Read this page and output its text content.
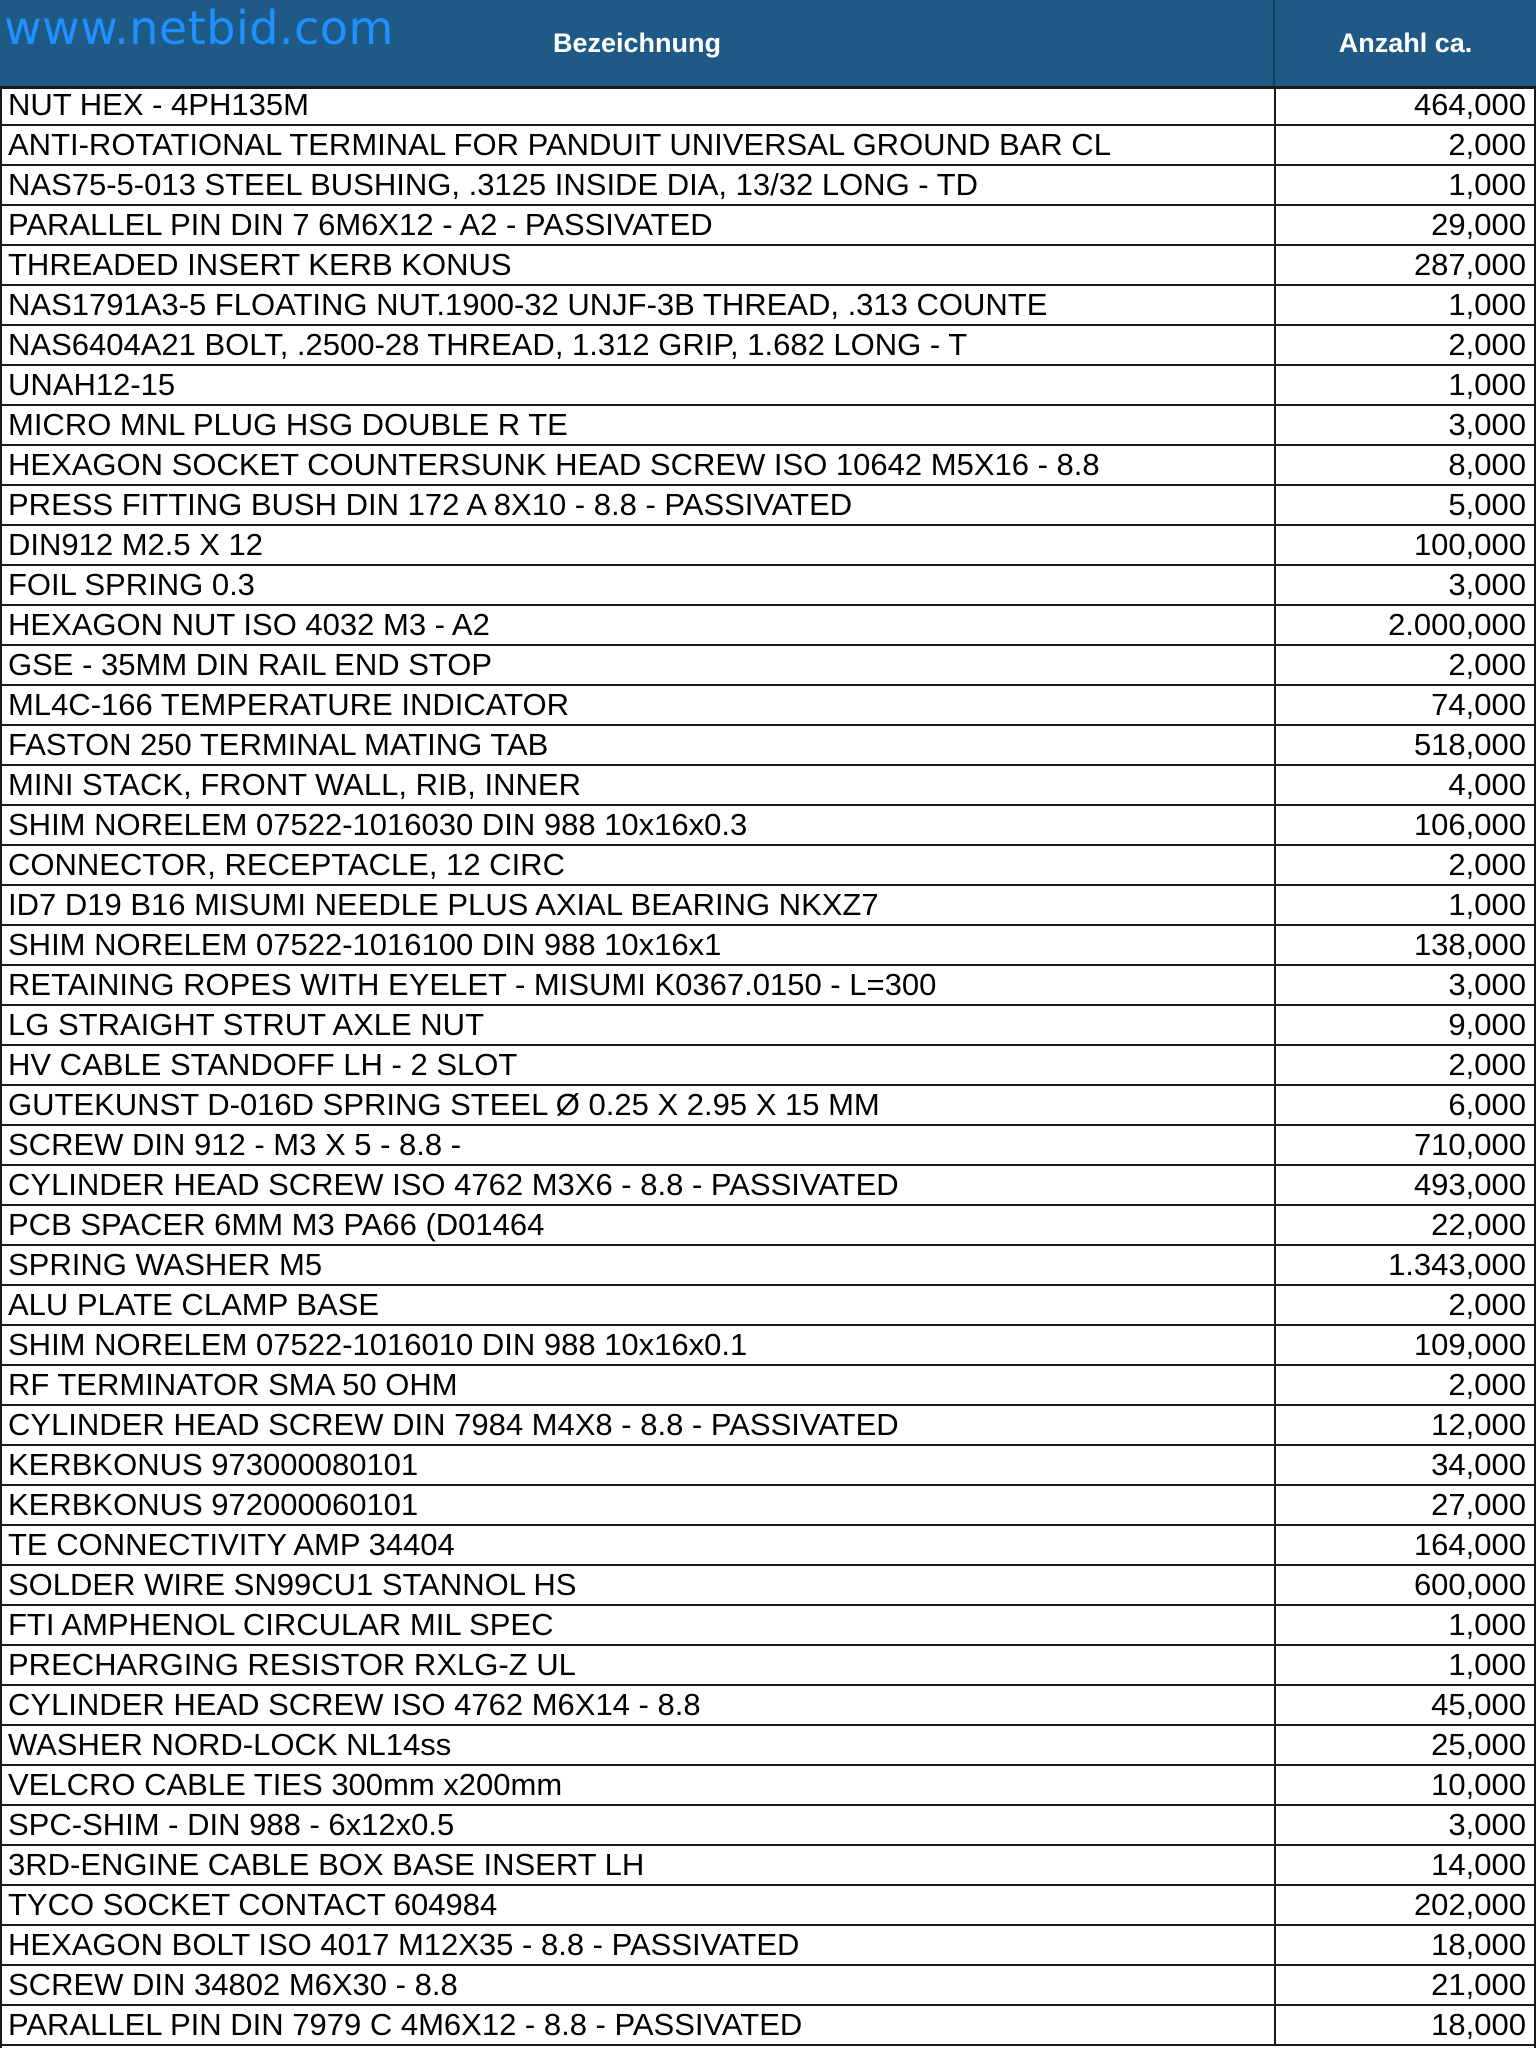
Bezeichnung	Anzahl ca.
www.netbid.com
NUT HEX - 4PH135M	464,000
ANTI-ROTATIONAL TERMINAL FOR PANDUIT UNIVERSAL GROUND BAR CL	2,000
NAS75-5-013 STEEL BUSHING, .3125 INSIDE DIA, 13/32 LONG - TD	1,000
PARALLEL PIN DIN 7 6M6X12 - A2 - PASSIVATED	29,000
THREADED INSERT KERB KONUS	287,000
NAS1791A3-5 FLOATING NUT.1900-32 UNJF-3B THREAD, .313 COUNTE	1,000
NAS6404A21 BOLT, .2500-28 THREAD, 1.312 GRIP, 1.682 LONG - T	2,000
UNAH12-15	1,000
MICRO MNL PLUG HSG DOUBLE R TE	3,000
HEXAGON SOCKET COUNTERSUNK HEAD SCREW ISO 10642 M5X16 - 8.8	8,000
PRESS FITTING BUSH DIN 172 A 8X10 - 8.8 - PASSIVATED	5,000
DIN912 M2.5 X 12	100,000
FOIL SPRING 0.3	3,000
HEXAGON NUT ISO 4032 M3 - A2	2.000,000
GSE - 35MM DIN RAIL END STOP	2,000
ML4C-166 TEMPERATURE INDICATOR	74,000
FASTON 250 TERMINAL MATING TAB	518,000
MINI STACK, FRONT WALL, RIB, INNER	4,000
SHIM NORELEM 07522-1016030 DIN 988 10x16x0.3	106,000
CONNECTOR, RECEPTACLE, 12 CIRC	2,000
ID7 D19 B16 MISUMI NEEDLE PLUS AXIAL BEARING NKXZ7	1,000
SHIM NORELEM 07522-1016100 DIN 988 10x16x1	138,000
RETAINING ROPES WITH EYELET - MISUMI K0367.0150 - L=300	3,000
LG STRAIGHT STRUT AXLE NUT	9,000
HV CABLE STANDOFF LH - 2 SLOT	2,000
GUTEKUNST D-016D SPRING STEEL Ø 0.25 X 2.95 X 15 MM	6,000
SCREW DIN 912 - M3 X 5 - 8.8 -	710,000
CYLINDER HEAD SCREW ISO 4762 M3X6 - 8.8 - PASSIVATED	493,000
PCB SPACER 6MM M3 PA66 (D01464	22,000
SPRING WASHER M5	1.343,000
ALU PLATE CLAMP BASE	2,000
SHIM NORELEM 07522-1016010 DIN 988 10x16x0.1	109,000
RF TERMINATOR SMA 50 OHM	2,000
CYLINDER HEAD SCREW DIN 7984 M4X8 - 8.8 - PASSIVATED	12,000
KERBKONUS 973000080101	34,000
KERBKONUS 972000060101	27,000
TE CONNECTIVITY AMP 34404	164,000
SOLDER WIRE SN99CU1 STANNOL HS	600,000
FTI AMPHENOL CIRCULAR MIL SPEC	1,000
PRECHARGING RESISTOR RXLG-Z UL	1,000
CYLINDER HEAD SCREW ISO 4762 M6X14 - 8.8	45,000
WASHER NORD-LOCK NL14ss	25,000
VELCRO CABLE TIES 300mm x200mm	10,000
SPC-SHIM - DIN 988 - 6x12x0.5	3,000
3RD-ENGINE CABLE BOX BASE INSERT LH	14,000
TYCO SOCKET CONTACT 604984	202,000
HEXAGON BOLT ISO 4017 M12X35 - 8.8 - PASSIVATED	18,000
SCREW DIN 34802 M6X30 - 8.8	21,000
PARALLEL PIN DIN 7979 C 4M6X12 - 8.8 - PASSIVATED	18,000
